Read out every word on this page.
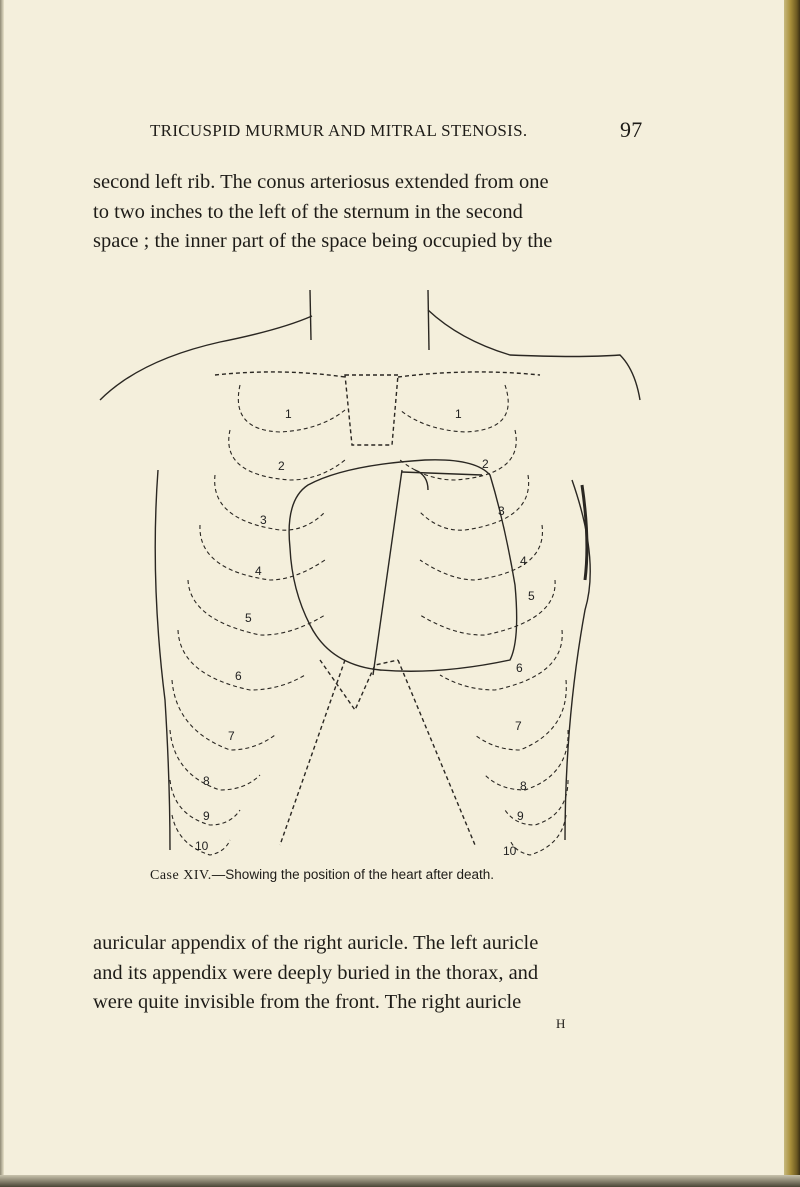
TRICUSPID MURMUR AND MITRAL STENOSIS.	97
second left rib. The conus arteriosus extended from one
to two inches to the left of the sternum in the second
space ; the inner part of the space being occupied by the
1
2
3
4
5
6
7
8
9
10
1
2
3
4
5
6
7
8
9
10
Case XIV.—Showing the position of the heart after death.
auricular appendix of the right auricle. The left auricle
and its appendix were deeply buried in the thorax, and
were quite invisible from the front. The right auricle
H
